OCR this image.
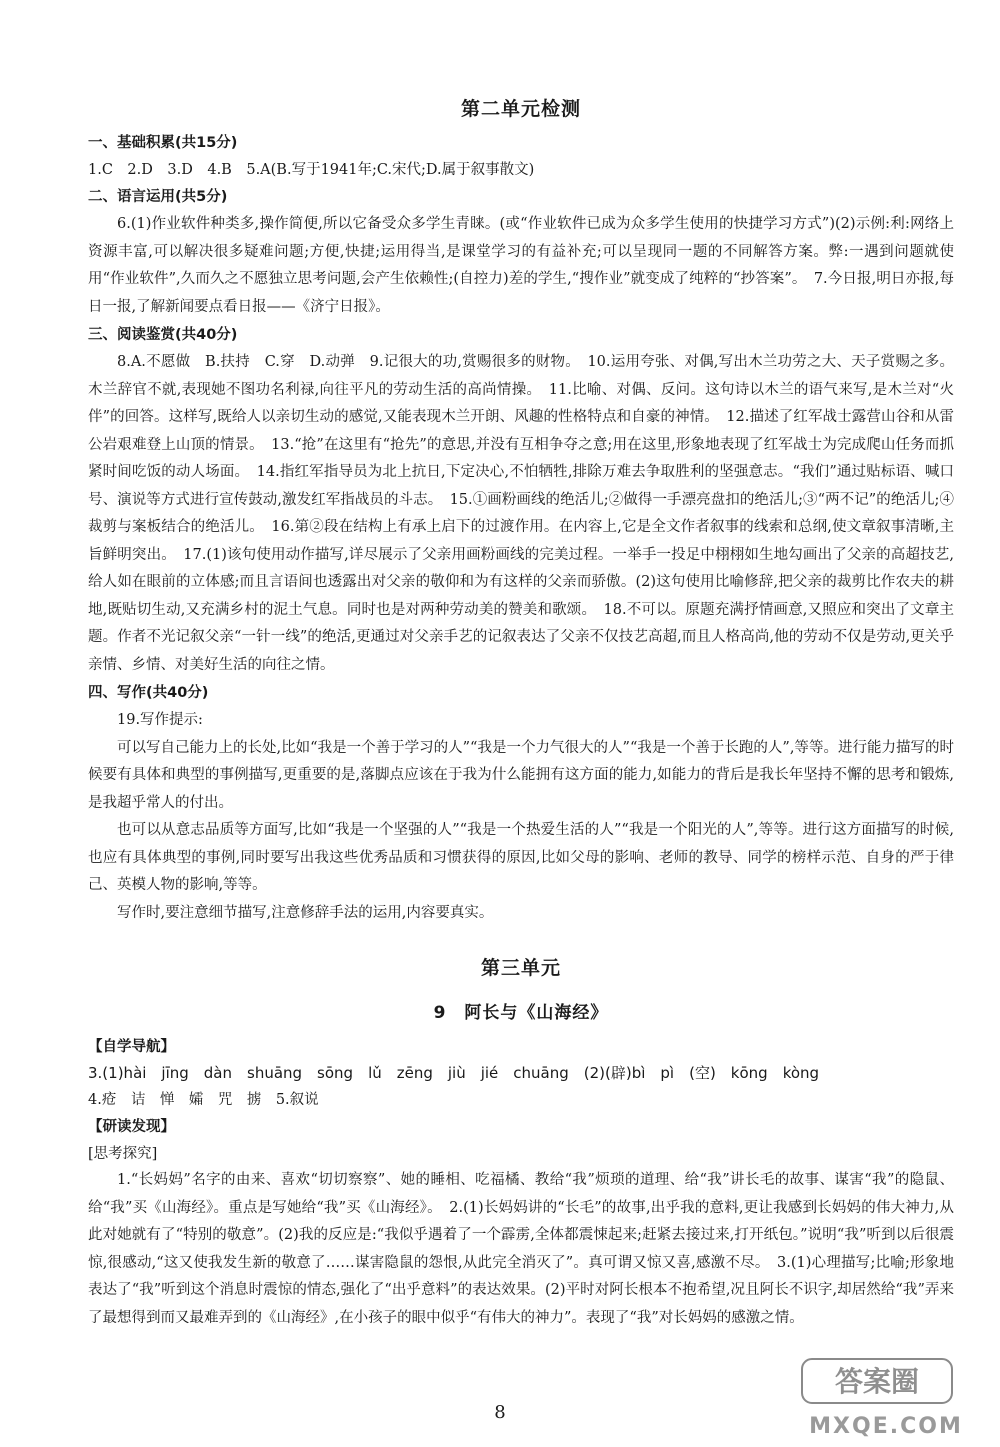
第二单元检测
一、基础积累(共15分)

1.C　2.D　3.D　4.B　5.A(B.写于1941年;C.宋代;D.属于叙事散文)

二、语言运用(共5分)

6.(1)作业软件种类多,操作简便,所以它备受众多学生青睐。(或“作业软件已成为众多学生使用的快捷学习方式”)(2)示例:利:网络上资源丰富,可以解决很多疑难问题;方便,快捷;运用得当,是课堂学习的有益补充;可以呈现同一题的不同解答方案。弊:一遇到问题就使用“作业软件”,久而久之不愿独立思考问题,会产生依赖性;(自控力)差的学生,“搜作业”就变成了纯粹的“抄答案”。　7.今日报,明日亦报,每日一报,了解新闻要点看日报——《济宁日报》。

三、阅读鉴赏(共40分)

8.A.不愿做　B.扶持　C.穿　D.动弹　9.记很大的功,赏赐很多的财物。　10.运用夸张、对偶,写出木兰功劳之大、天子赏赐之多。木兰辞官不就,表现她不图功名利禄,向往平凡的劳动生活的高尚情操。　11.比喻、对偶、反问。这句诗以木兰的语气来写,是木兰对“火伴”的回答。这样写,既给人以亲切生动的感觉,又能表现木兰开朗、风趣的性格特点和自豪的神情。　12.描述了红军战士露营山谷和从雷公岩艰难登上山顶的情景。　13.“抢”在这里有“抢先”的意思,并没有互相争夺之意;用在这里,形象地表现了红军战士为完成爬山任务而抓紧时间吃饭的动人场面。　14.指红军指导员为北上抗日,下定决心,不怕牺牲,排除万难去争取胜利的坚强意志。“我们”通过贴标语、喊口号、演说等方式进行宣传鼓动,激发红军指战员的斗志。　15.①画粉画线的绝活儿;②做得一手漂亮盘扣的绝活儿;③“两不记”的绝活儿;④裁剪与案板结合的绝活儿。　16.第②段在结构上有承上启下的过渡作用。在内容上,它是全文作者叙事的线索和总纲,使文章叙事清晰,主旨鲜明突出。　17.(1)该句使用动作描写,详尽展示了父亲用画粉画线的完美过程。一举手一投足中栩栩如生地勾画出了父亲的高超技艺,给人如在眼前的立体感;而且言语间也透露出对父亲的敬仰和为有这样的父亲而骄傲。(2)这句使用比喻修辞,把父亲的裁剪比作农夫的耕地,既贴切生动,又充满乡村的泥土气息。同时也是对两种劳动美的赞美和歌颂。　18.不可以。原题充满抒情画意,又照应和突出了文章主题。作者不光记叙父亲“一针一线”的绝活,更通过对父亲手艺的记叙表达了父亲不仅技艺高超,而且人格高尚,他的劳动不仅是劳动,更关乎亲情、乡情、对美好生活的向往之情。

四、写作(共40分)

19.写作提示:

可以写自己能力上的长处,比如“我是一个善于学习的人”“我是一个力气很大的人”“我是一个善于长跑的人”,等等。进行能力描写的时候要有具体和典型的事例描写,更重要的是,落脚点应该在于我为什么能拥有这方面的能力,如能力的背后是我长年坚持不懈的思考和锻炼,是我超乎常人的付出。

也可以从意志品质等方面写,比如“我是一个坚强的人”“我是一个热爱生活的人”“我是一个阳光的人”,等等。进行这方面描写的时候,也应有具体典型的事例,同时要写出我这些优秀品质和习惯获得的原因,比如父母的影响、老师的教导、同学的榜样示范、自身的严于律己、英模人物的影响,等等。

写作时,要注意细节描写,注意修辞手法的运用,内容要真实。

第三单元
9　阿长与《山海经》
【自学导航】

3.(1)hài　jīng　dàn　shuāng　sōng　lǔ　zēng　jiù　jié　chuāng　(2)(辟)bì　pì　(空)　kōng　kòng

4.疮　诘　惮　孀　咒　掳　5.叙说

【研读发现】

[思考探究]

1.“长妈妈”名字的由来、喜欢“切切察察”、她的睡相、吃福橘、教给“我”烦琐的道理、给“我”讲长毛的故事、谋害“我”的隐鼠、给“我”买《山海经》。重点是写她给“我”买《山海经》。　2.(1)长妈妈讲的“长毛”的故事,出乎我的意料,更让我感到长妈妈的伟大神力,从此对她就有了“特别的敬意”。(2)我的反应是:“我似乎遇着了一个霹雳,全体都震悚起来;赶紧去接过来,打开纸包。”说明“我”听到以后很震惊,很感动,“这又使我发生新的敬意了……谋害隐鼠的怨恨,从此完全消灭了”。真可谓又惊又喜,感激不尽。　3.(1)心理描写;比喻;形象地表达了“我”听到这个消息时震惊的情态,强化了“出乎意料”的表达效果。(2)平时对阿长根本不抱希望,况且阿长不识字,却居然给“我”弄来了最想得到而又最难弄到的《山海经》,在小孩子的眼中似乎“有伟大的神力”。表现了“我”对长妈妈的感激之情。

8
答案圈
MXQE.COM
